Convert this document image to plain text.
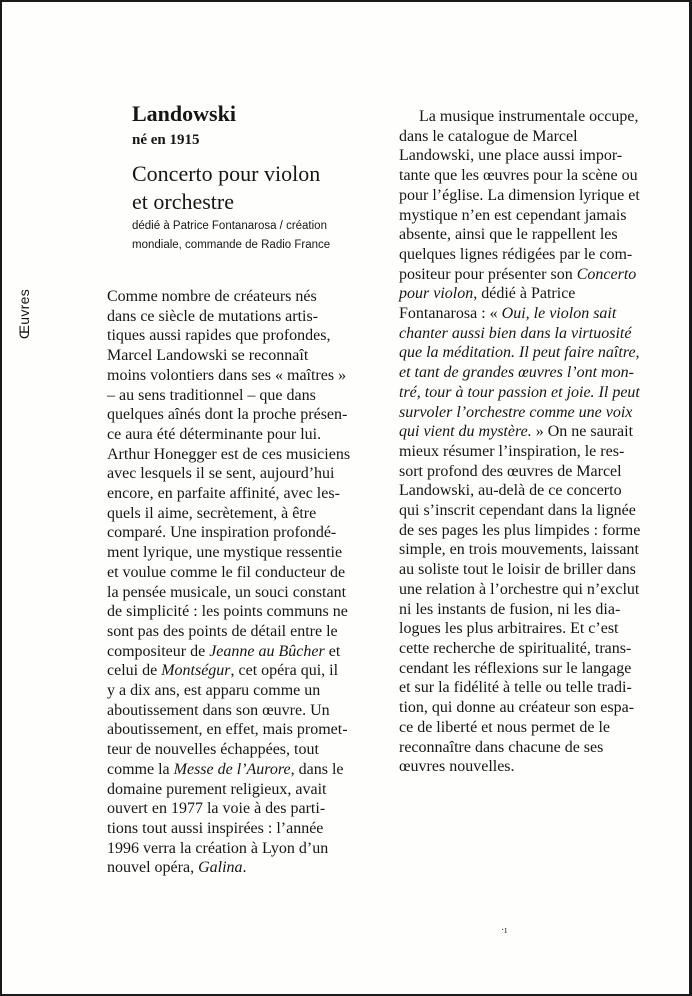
Landowski
né en 1915
Concerto pour violon
et orchestre
dédié à Patrice Fontanarosa / création
mondiale, commande de Radio France
Œuvres	Comme nombre de créateurs nés
dans ce siècle de mutations artis-
tiques aussi rapides que profondes,
Marcel Landowski se reconnaît
moins volontiers dans ses « maîtres »
– au sens traditionnel – que dans
quelques aînés dont la proche présen-
ce aura été déterminante pour lui.
Arthur Honegger est de ces musiciens
avec lesquels il se sent, aujourd’hui
encore, en parfaite affinité, avec les-
quels il aime, secrètement, à être
comparé. Une inspiration profondé-
ment lyrique, une mystique ressentie
et voulue comme le fil conducteur de
la pensée musicale, un souci constant
de simplicité : les points communs ne
sont pas des points de détail entre le
compositeur de Jeanne au Bûcher et
celui de Montségur, cet opéra qui, il
y a dix ans, est apparu comme un
aboutissement dans son œuvre. Un
aboutissement, en effet, mais promet-
teur de nouvelles échappées, tout
comme la Messe de l’Aurore, dans le
domaine purement religieux, avait
ouvert en 1977 la voie à des parti-
tions tout aussi inspirées : l’année
1996 verra la création à Lyon d’un
nouvel opéra, Galina.
La musique instrumentale occupe,
dans le catalogue de Marcel
Landowski, une place aussi impor-
tante que les œuvres pour la scène ou
pour l’église. La dimension lyrique et
mystique n’en est cependant jamais
absente, ainsi que le rappellent les
quelques lignes rédigées par le com-
positeur pour présenter son Concerto
pour violon, dédié à Patrice
Fontanarosa : « Oui, le violon sait
chanter aussi bien dans la virtuosité
que la méditation. Il peut faire naître,
et tant de grandes œuvres l’ont mon-
tré, tour à tour passion et joie. Il peut
survoler l’orchestre comme une voix
qui vient du mystère. » On ne saurait
mieux résumer l’inspiration, le res-
sort profond des œuvres de Marcel
Landowski, au-delà de ce concerto
qui s’inscrit cependant dans la lignée
de ses pages les plus limpides : forme
simple, en trois mouvements, laissant
au soliste tout le loisir de briller dans
une relation à l’orchestre qui n’exclut
ni les instants de fusion, ni les dia-
logues les plus arbitraires. Et c’est
cette recherche de spiritualité, trans-
cendant les réflexions sur le langage
et sur la fidélité à telle ou telle tradi-
tion, qui donne au créateur son espa-
ce de liberté et nous permet de le
reconnaître dans chacune de ses
œuvres nouvelles.
·ı
